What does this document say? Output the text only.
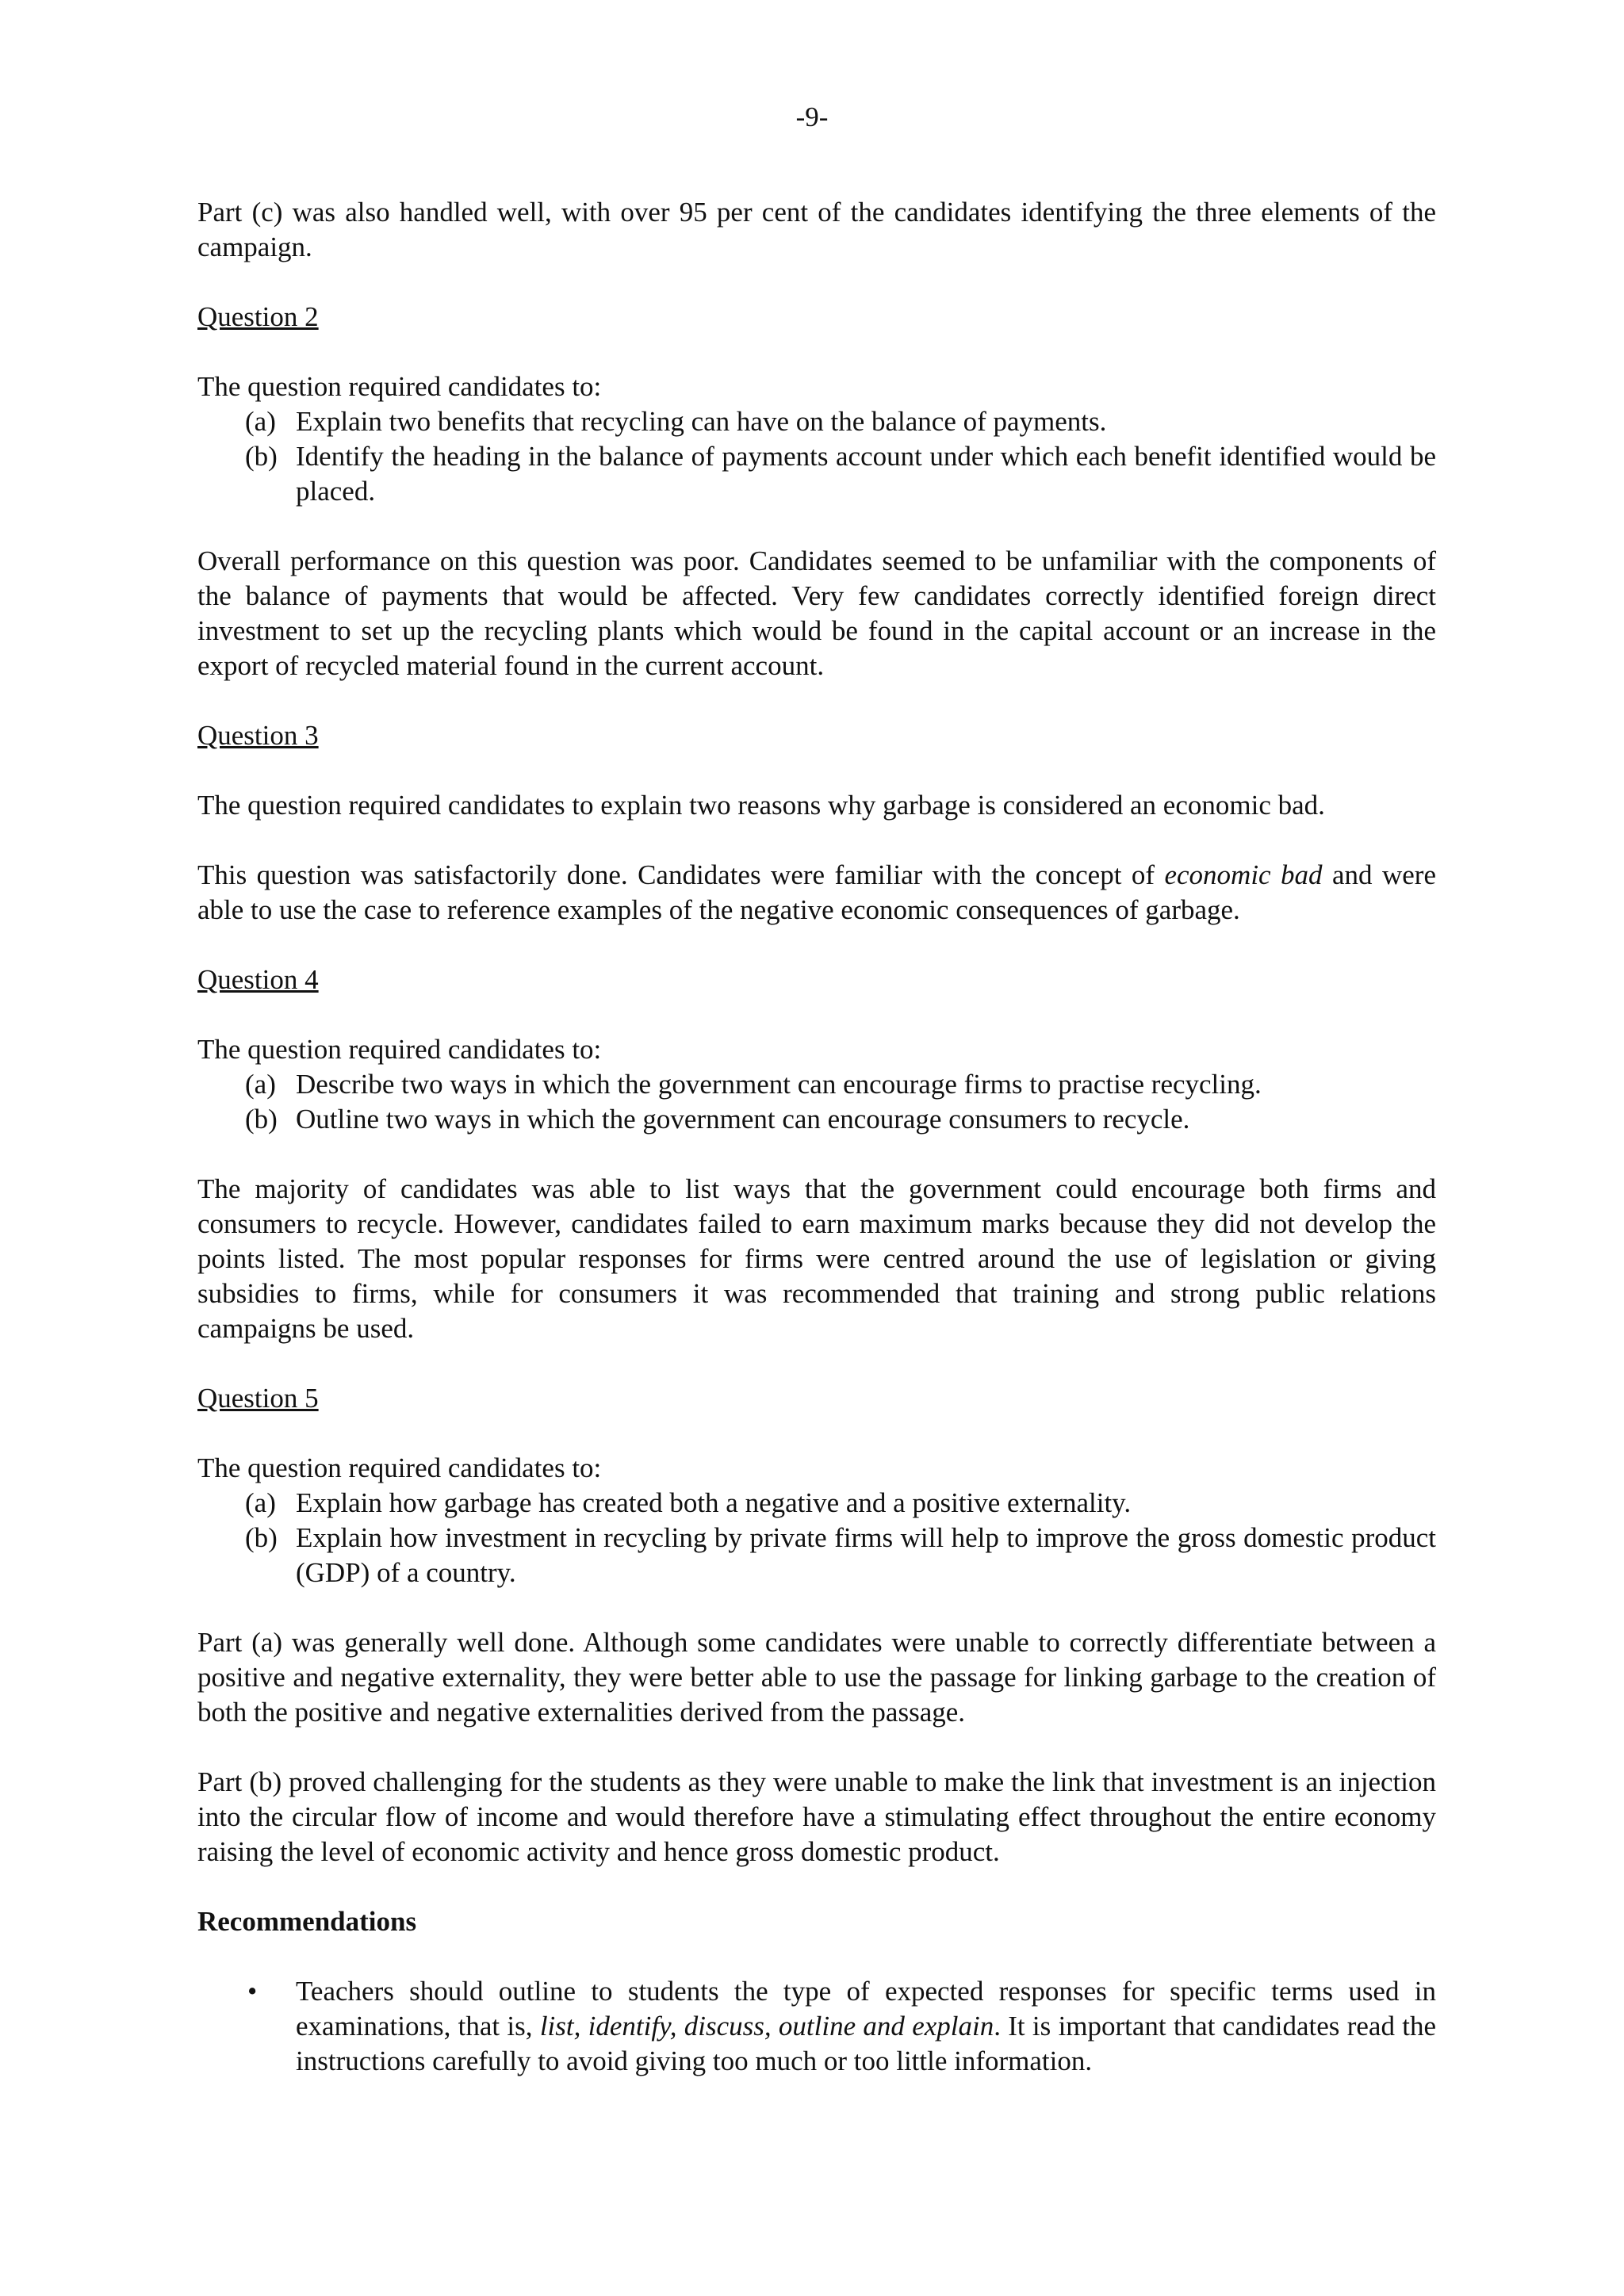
-9-

Part (c) was also handled well, with over 95 per cent of the candidates identifying the three elements of the campaign.

Question 2

The question required candidates to:

(a) Explain two benefits that recycling can have on the balance of payments.
(b) Identify the heading in the balance of payments account under which each benefit identified would be placed.

Overall performance on this question was poor. Candidates seemed to be unfamiliar with the components of the balance of payments that would be affected. Very few candidates correctly identified foreign direct investment to set up the recycling plants which would be found in the capital account or an increase in the export of recycled material found in the current account.

Question 3

The question required candidates to explain two reasons why garbage is considered an economic bad.

This question was satisfactorily done. Candidates were familiar with the concept of economic bad and were able to use the case to reference examples of the negative economic consequences of garbage.

Question 4

The question required candidates to:

(a) Describe two ways in which the government can encourage firms to practise recycling.
(b) Outline two ways in which the government can encourage consumers to recycle.

The majority of candidates was able to list ways that the government could encourage both firms and consumers to recycle. However, candidates failed to earn maximum marks because they did not develop the points listed. The most popular responses for firms were centred around the use of legislation or giving subsidies to firms, while for consumers it was recommended that training and strong public relations campaigns be used.

Question 5

The question required candidates to:

(a) Explain how garbage has created both a negative and a positive externality.
(b) Explain how investment in recycling by private firms will help to improve the gross domestic product (GDP) of a country.

Part (a) was generally well done. Although some candidates were unable to correctly differentiate between a positive and negative externality, they were better able to use the passage for linking garbage to the creation of both the positive and negative externalities derived from the passage.

Part (b) proved challenging for the students as they were unable to make the link that investment is an injection into the circular flow of income and would therefore have a stimulating effect throughout the entire economy raising the level of economic activity and hence gross domestic product.

Recommendations
• Teachers should outline to students the type of expected responses for specific terms used in examinations, that is, list, identify, discuss, outline and explain. It is important that candidates read the instructions carefully to avoid giving too much or too little information.
